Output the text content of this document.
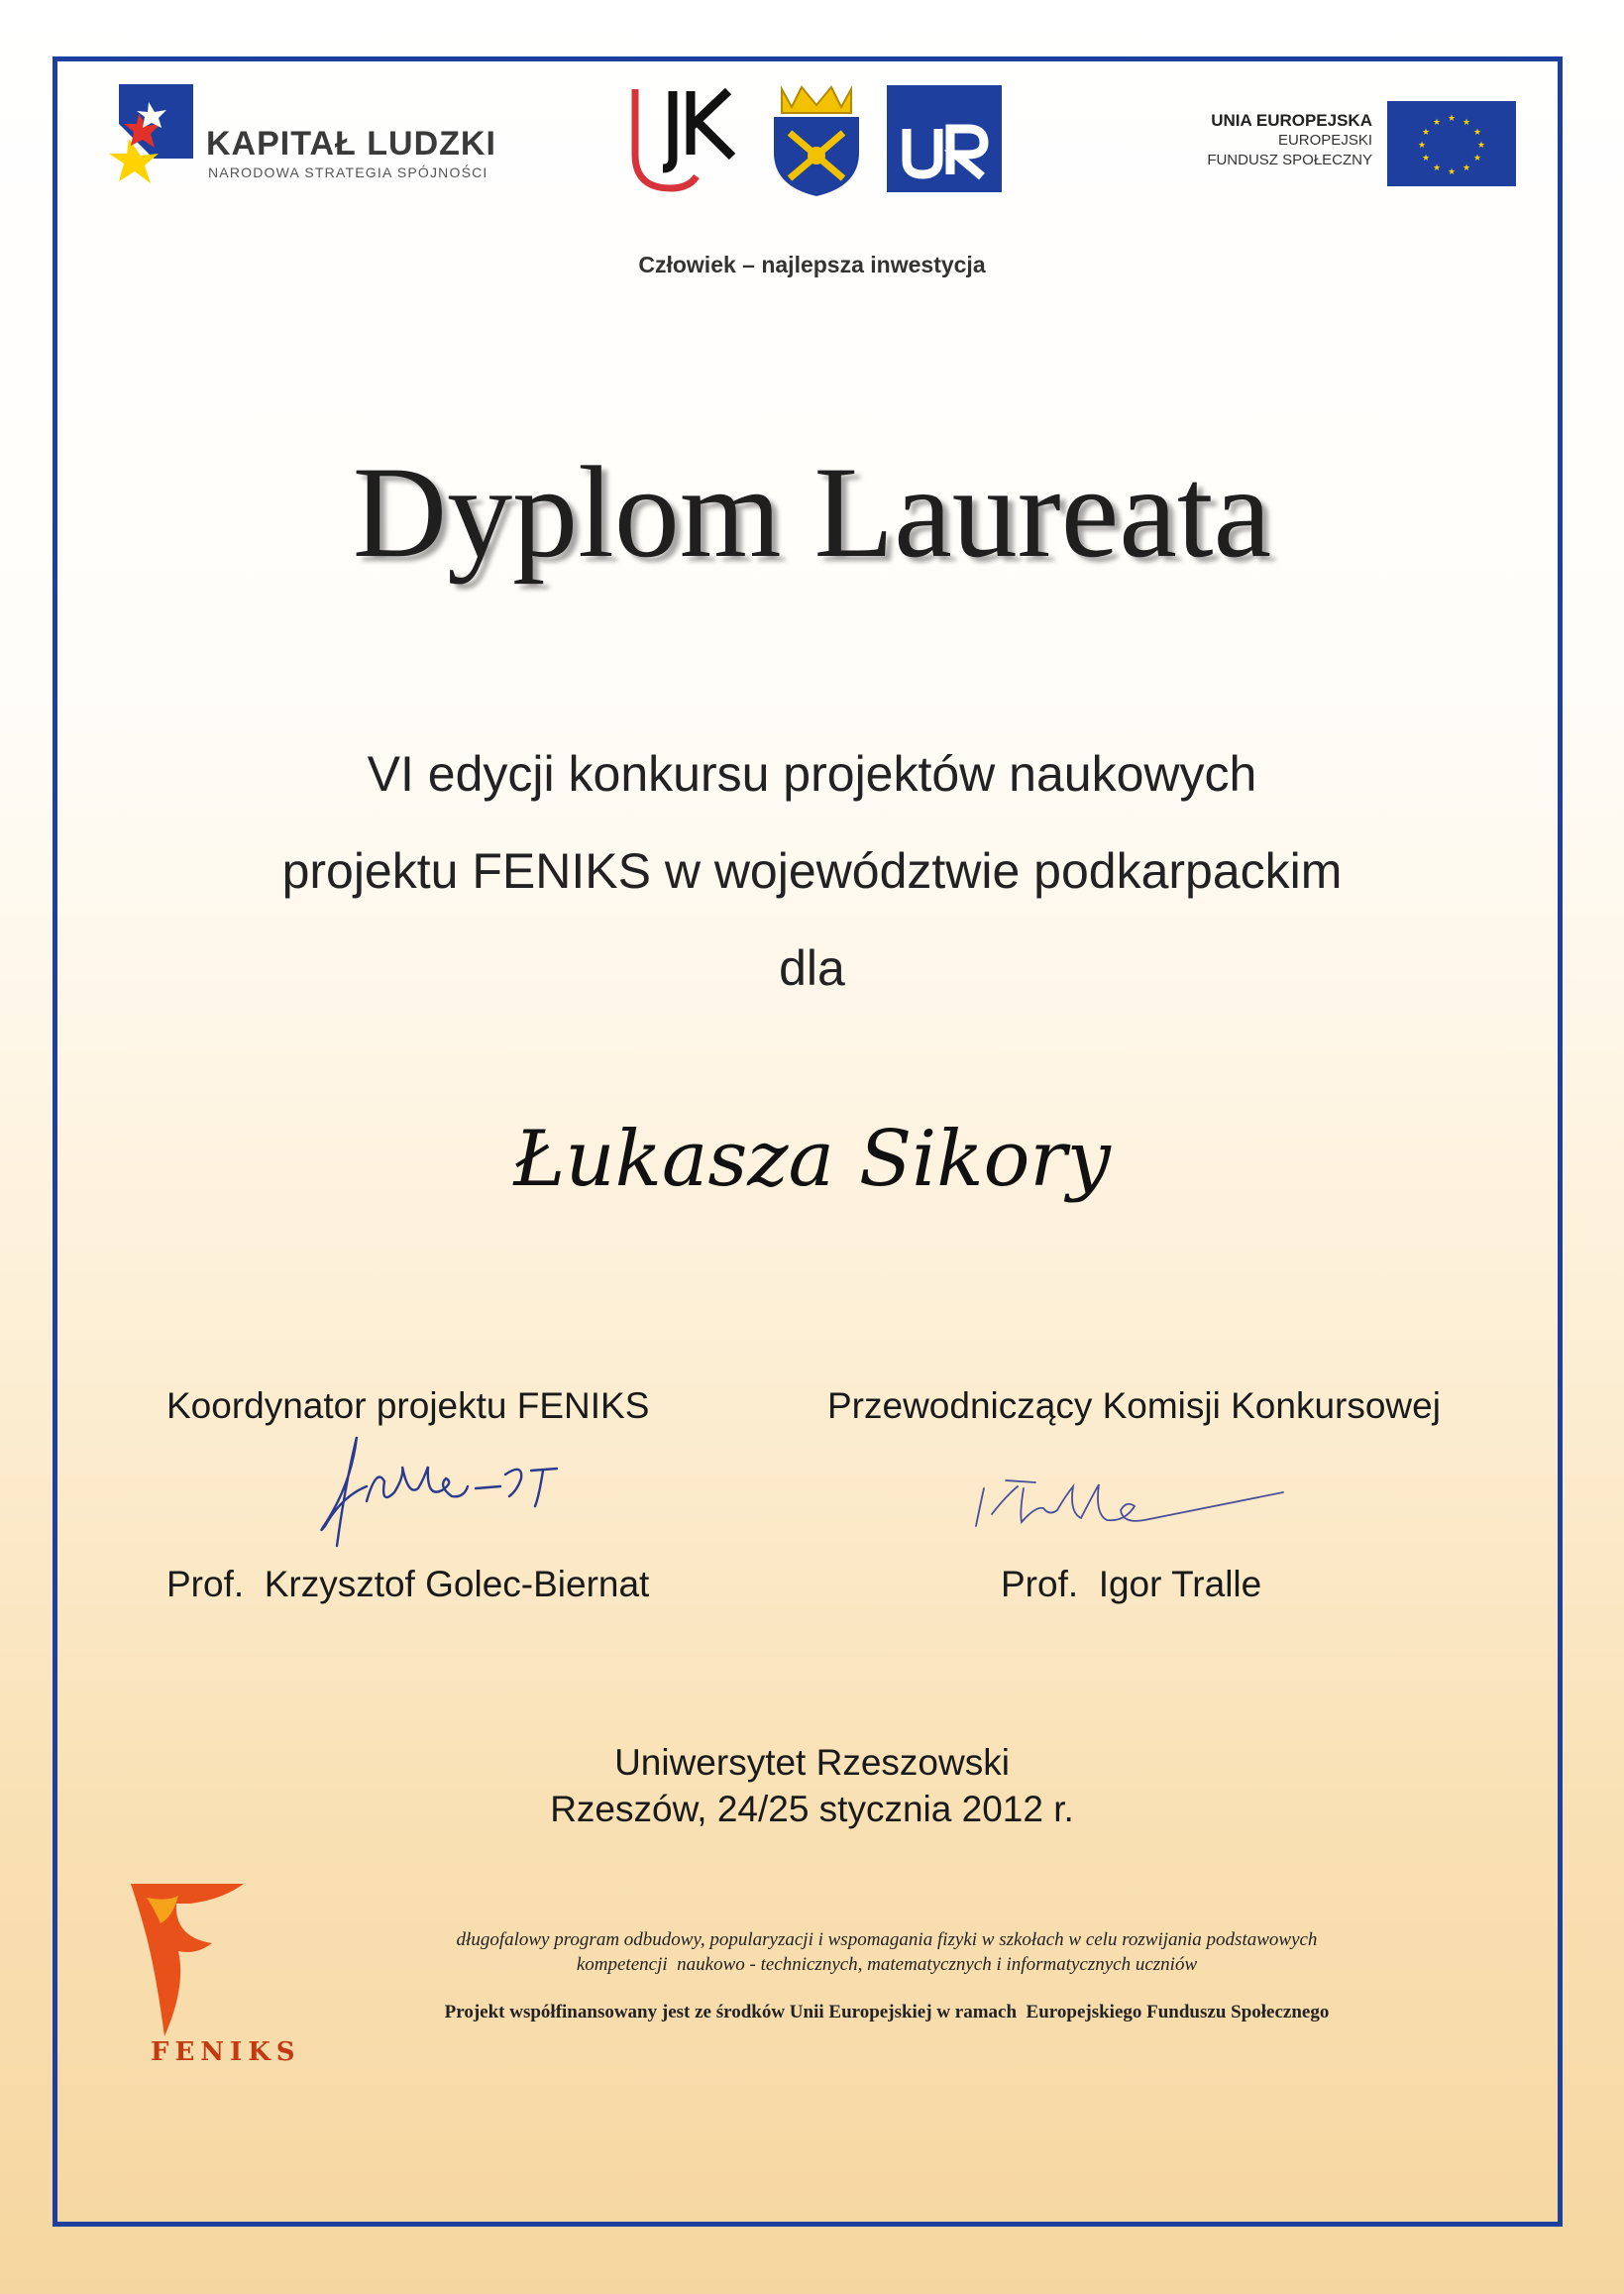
KAPITAŁ LUDZKI
NARODOWA STRATEGIA SPÓJNOŚCI
UNIA EUROPEJSKA
EUROPEJSKI
FUNDUSZ SPOŁECZNY
★ ★
★
★
★
★
★
★
★
★
★
★
Człowiek – najlepsza inwestycja
Dyplom Laureata
VI edycji konkursu projektów naukowych
projektu FENIKS w województwie podkarpackim
dla
Łukasza Sikory
Koordynator projektu FENIKS	Przewodniczący Komisji Konkursowej
Prof.  Krzysztof Golec-Biernat	Prof.  Igor Tralle
Uniwersytet Rzeszowski
Rzeszów, 24/25 stycznia 2012 r.
FENIKS
długofalowy program odbudowy, popularyzacji i wspomagania fizyki w szkołach w celu rozwijania podstawowych
kompetencji  naukowo - technicznych, matematycznych i informatycznych uczniów
Projekt współfinansowany jest ze środków Unii Europejskiej w ramach  Europejskiego Funduszu Społecznego
